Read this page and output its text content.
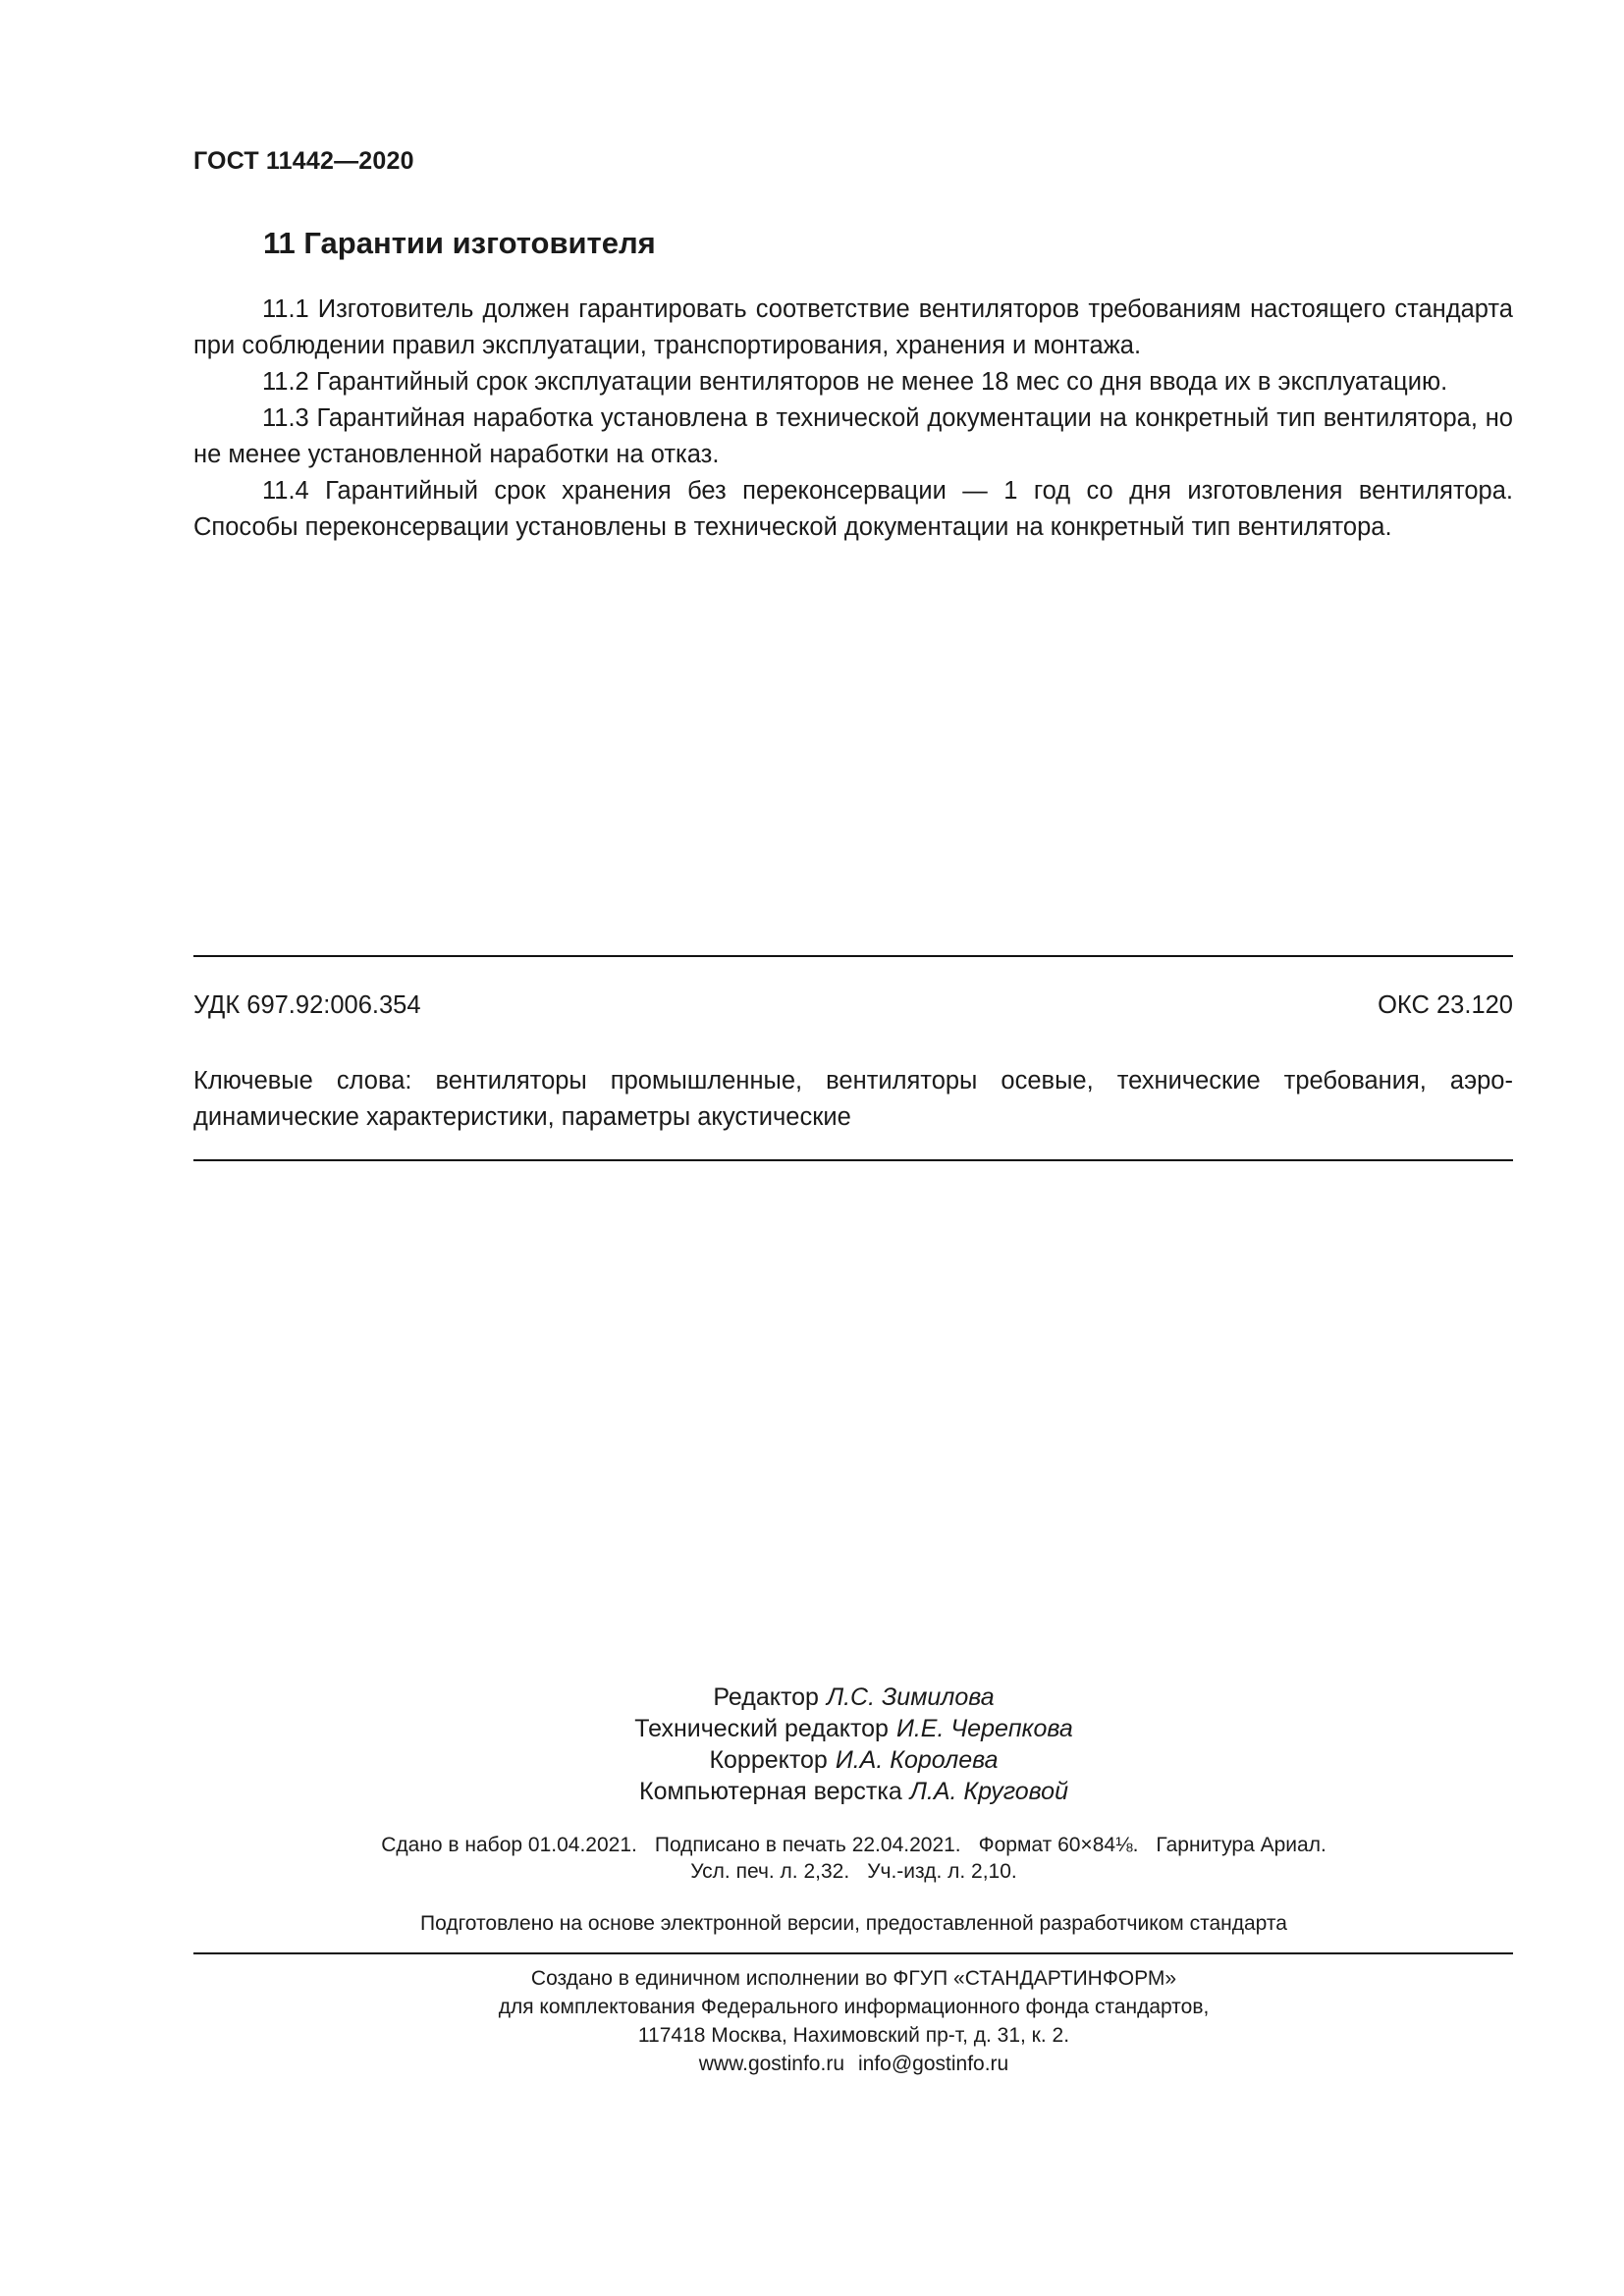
ГОСТ 11442—2020
11 Гарантии изготовителя

11.1 Изготовитель должен гарантировать соответствие вентиляторов требованиям настоящего стандарта при соблюдении правил эксплуатации, транспортирования, хранения и монтажа.

11.2 Гарантийный срок эксплуатации вентиляторов не менее 18 мес со дня ввода их в эксплуатацию.

11.3 Гарантийная наработка установлена в технической документации на конкретный тип вентилятора, но не менее установленной наработки на отказ.

11.4 Гарантийный срок хранения без переконсервации — 1 год со дня изготовления вентилятора. Способы переконсервации установлены в технической документации на конкретный тип вентилятора.

УДК 697.92:006.354	ОКС 23.120
Ключевые слова: вентиляторы промышленные, вентиляторы осевые, технические требования, аэродинамические характеристики, параметры акустические
Редактор Л.С. Зимилова
Технический редактор И.Е. Черепкова
Корректор И.А. Королева
Компьютерная верстка Л.А. Круговой
Сдано в набор 01.04.2021. Подписано в печать 22.04.2021. Формат 60×84⅛. Гарнитура Ариал.
Усл. печ. л. 2,32. Уч.-изд. л. 2,10.
Подготовлено на основе электронной версии, предоставленной разработчиком стандарта
Создано в единичном исполнении во ФГУП «СТАНДАРТИНФОРМ»
для комплектования Федерального информационного фонда стандартов,
117418 Москва, Нахимовский пр-т, д. 31, к. 2.
www.gostinfo.ru info@gostinfo.ru
